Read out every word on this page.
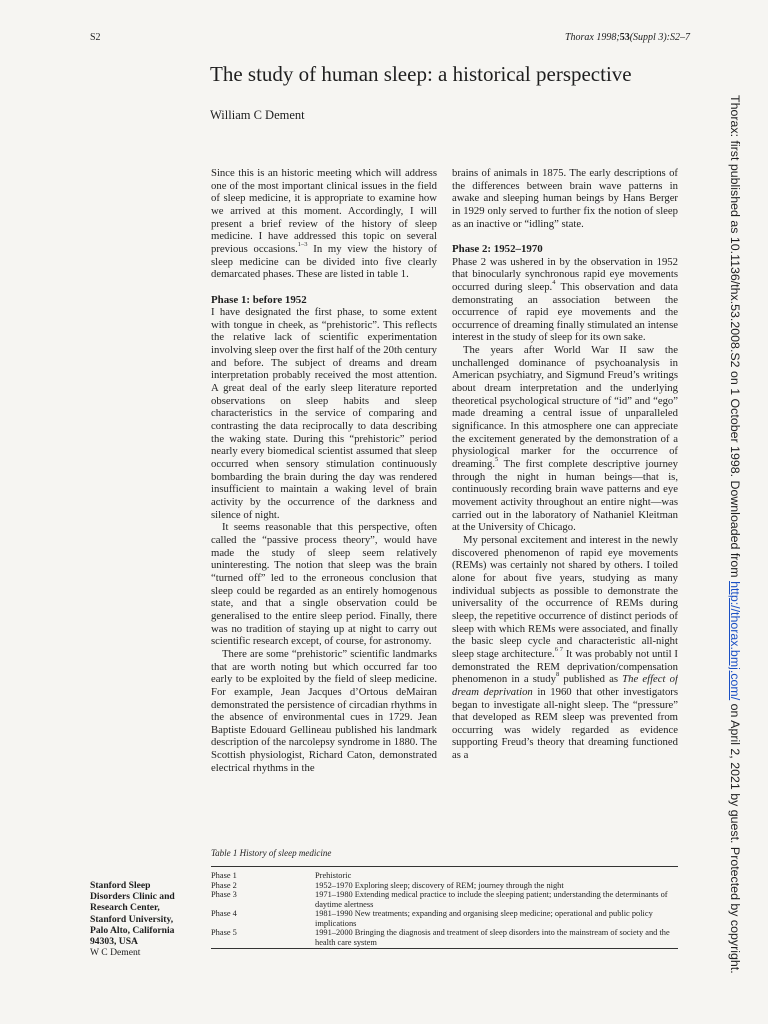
S2	Thorax 1998;53(Suppl 3):S2–7
The study of human sleep: a historical perspective
William C Dement	Thorax: first published as 10.1136/thx.53.2008.S2 on 1 October 1998. Downloaded from http://thorax.bmj.com/ on April 2, 2021 by guest. Protected by copyright.

Since this is an historic meeting which will address one of the most important clinical issues in the field of sleep medicine, it is appropriate to examine how we arrived at this moment. Accordingly, I will present a brief review of the history of sleep medicine. I have addressed this topic on several previous occasions.$^{1-3}$ In my view the history of sleep medicine can be divided into five clearly demarcated phases. These are listed in table 1.

Phase 1: before 1952

I have designated the first phase, to some extent with tongue in cheek, as “prehistoric”. This reflects the relative lack of scientific experimentation involving sleep over the first half of the 20th century and before. The subject of dreams and dream interpretation probably received the most attention. A great deal of the early sleep literature reported observations on sleep habits and sleep characteristics in the service of comparing and contrasting the data reciprocally to data describing the waking state. During this “prehistoric” period nearly every biomedical scientist assumed that sleep occurred when sensory stimulation continuously bombarding the brain during the day was rendered insufficient to maintain a waking level of brain activity by the occurrence of the darkness and silence of night.

It seems reasonable that this perspective, often called the “passive process theory”, would have made the study of sleep seem relatively uninteresting. The notion that sleep was the brain “turned off” led to the erroneous conclusion that sleep could be regarded as an entirely homogenous state, and that a single observation could be generalised to the entire sleep period. Finally, there was no tradition of staying up at night to carry out scientific research except, of course, for astronomy.

There are some “prehistoric” scientific landmarks that are worth noting but which occurred far too early to be exploited by the field of sleep medicine. For example, Jean Jacques d’Ortous deMairan demonstrated the persistence of circadian rhythms in the absence of environmental cues in 1729. Jean Baptiste Edouard Gellineau published his landmark description of the narcolepsy syndrome in 1880. The Scottish physiologist, Richard Caton, demonstrated electrical rhythms in the

brains of animals in 1875. The early descriptions of the differences between brain wave patterns in awake and sleeping human beings by Hans Berger in 1929 only served to further fix the notion of sleep as an inactive or “idling” state.

Phase 2: 1952–1970

Phase 2 was ushered in by the observation in 1952 that binocularly synchronous rapid eye movements occurred during sleep.$^4$ This observation and data demonstrating an association between the occurrence of rapid eye movements and the occurrence of dreaming finally stimulated an intense interest in the study of sleep for its own sake.

The years after World War II saw the unchallenged dominance of psychoanalysis in American psychiatry, and Sigmund Freud’s writings about dream interpretation and the underlying theoretical psychological structure of “id” and “ego” made dreaming a central issue of unparalleled significance. In this atmosphere one can appreciate the excitement generated by the demonstration of a physiological marker for the occurrence of dreaming.$^5$ The first complete descriptive journey through the night in human beings—that is, continuously recording brain wave patterns and eye movement activity throughout an entire night—was carried out in the laboratory of Nathaniel Kleitman at the University of Chicago.

My personal excitement and interest in the newly discovered phenomenon of rapid eye movements (REMs) was certainly not shared by others. I toiled alone for about five years, studying as many individual subjects as possible to demonstrate the universality of the occurrence of REMs during sleep, the repetitive occurrence of distinct periods of sleep with which REMs were associated, and finally the basic sleep cycle and characteristic all-night sleep stage architecture.$^{6 7}$ It was probably not until I demonstrated the REM deprivation/compensation phenomenon in a study$^8$ published as The effect of dream deprivation in 1960 that other investigators began to investigate all-night sleep. The “pressure” that developed as REM sleep was prevented from occurring was widely regarded as evidence supporting Freud’s theory that dreaming functioned as a

Table 1 History of sleep medicine
Phase 1	Prehistoric
Phase 2	1952–1970 Exploring sleep; discovery of REM; journey through the night
Phase 3	1971–1980 Extending medical practice to include the sleeping patient; understanding the determinants of daytime alertness
Phase 4	1981–1990 New treatments; expanding and organising sleep medicine; operational and public policy implications
Phase 5	1991–2000 Bringing the diagnosis and treatment of sleep disorders into the mainstream of society and the health care system
Stanford Sleep
Disorders Clinic and
Research Center,
Stanford University,
Palo Alto, California
94303, USA
W C Dement
